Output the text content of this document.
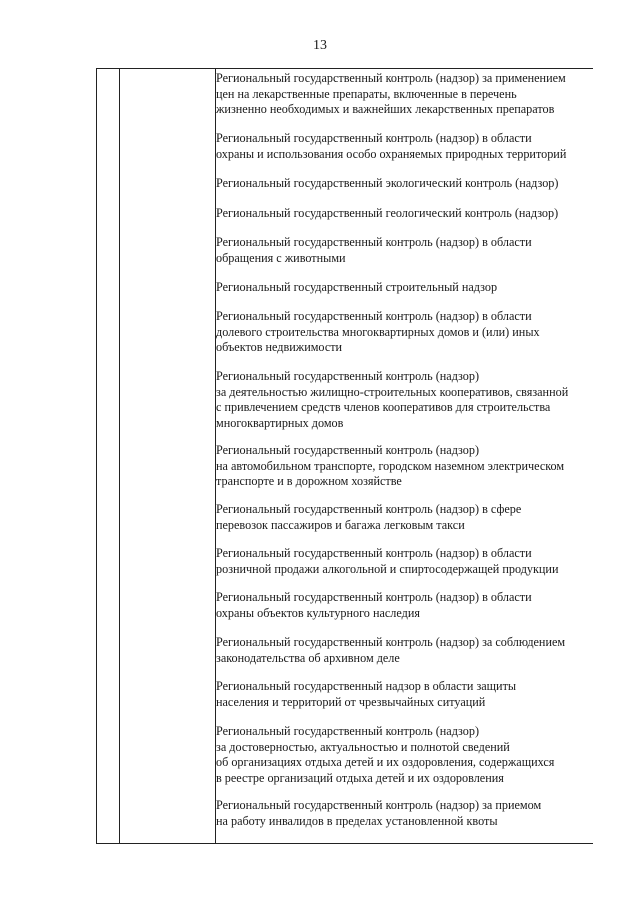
13

Региональный государственный контроль (надзор) за применением
цен на лекарственные препараты, включенные в перечень
жизненно необходимых и важнейших лекарственных препаратов

Региональный государственный контроль (надзор) в области
охраны и использования особо охраняемых природных территорий

Региональный государственный экологический контроль (надзор)

Региональный государственный геологический контроль (надзор)

Региональный государственный контроль (надзор) в области
обращения с животными

Региональный государственный строительный надзор

Региональный государственный контроль (надзор) в области
долевого строительства многоквартирных домов и (или) иных
объектов недвижимости

Региональный государственный контроль (надзор)
за деятельностью жилищно-строительных кооперативов, связанной
с привлечением средств членов кооперативов для строительства
многоквартирных домов

Региональный государственный контроль (надзор)
на автомобильном транспорте, городском наземном электрическом
транспорте и в дорожном хозяйстве

Региональный государственный контроль (надзор) в сфере
перевозок пассажиров и багажа легковым такси

Региональный государственный контроль (надзор) в области
розничной продажи алкогольной и спиртосодержащей продукции

Региональный государственный контроль (надзор) в области
охраны объектов культурного наследия

Региональный государственный контроль (надзор) за соблюдением
законодательства об архивном деле

Региональный государственный надзор в области защиты
населения и территорий от чрезвычайных ситуаций

Региональный государственный контроль (надзор)
за достоверностью, актуальностью и полнотой сведений
об организациях отдыха детей и их оздоровления, содержащихся
в реестре организаций отдыха детей и их оздоровления

Региональный государственный контроль (надзор) за приемом
на работу инвалидов в пределах установленной квоты
